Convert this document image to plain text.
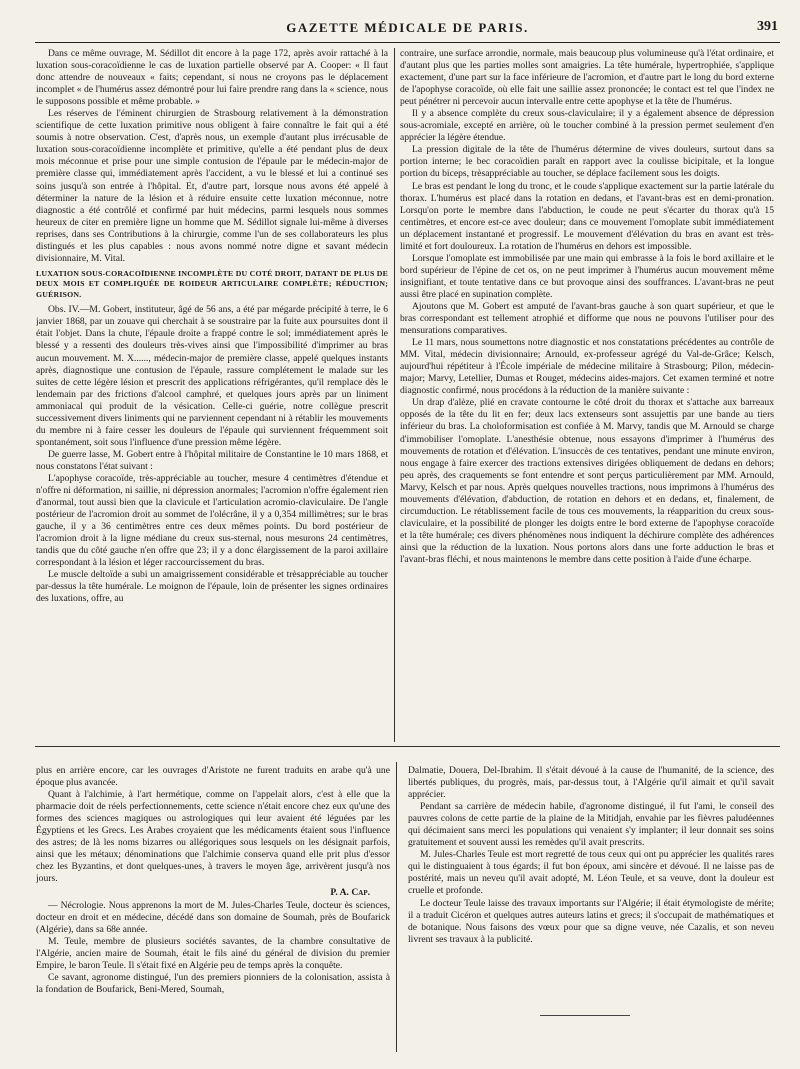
GAZETTE MÉDICALE DE PARIS.	391

Dans ce même ouvrage, M. Sédillot dit encore à la page 172, après avoir rattaché à la luxation sous-coracoïdienne le cas de luxation partielle observé par A. Cooper: « Il faut donc attendre de nouveaux « faits; cependant, si nous ne croyons pas le déplacement incomplet « de l'humérus assez démontré pour lui faire prendre rang dans la « science, nous le supposons possible et même probable. »

Les réserves de l'éminent chirurgien de Strasbourg relativement à la démonstration scientifique de cette luxation primitive nous obligent à faire connaître le fait qui a été soumis à notre observation. C'est, d'après nous, un exemple d'autant plus irrécusable de luxation sous-coracoïdienne incomplète et primitive, qu'elle a été pendant plus de deux mois méconnue et prise pour une simple contusion de l'épaule par le médecin-major de première classe qui, immédiatement après l'accident, a vu le blessé et lui a continué ses soins jusqu'à son entrée à l'hôpital. Et, d'autre part, lorsque nous avons été appelé à déterminer la nature de la lésion et à réduire ensuite cette luxation méconnue, notre diagnostic a été contrôlé et confirmé par huit médecins, parmi lesquels nous sommes heureux de citer en première ligne un homme que M. Sédillot signale lui-même à diverses reprises, dans ses Contributions à la chirurgie, comme l'un de ses collaborateurs les plus distingués et les plus capables : nous avons nommé notre digne et savant médecin divisionnaire, M. Vital.

LUXATION SOUS-CORACOÏDIENNE INCOMPLÈTE DU COTÉ DROIT, DATANT DE PLUS DE DEUX MOIS ET COMPLIQUÉE DE ROIDEUR ARTICULAIRE COMPLÈTE; RÉDUCTION; GUÉRISON.

Obs. IV.—M. Gobert, instituteur, âgé de 56 ans, a été par mégarde précipité à terre, le 6 janvier 1868, par un zouave qui cherchait à se soustraire par la fuite aux poursuites dont il était l'objet. Dans la chute, l'épaule droite a frappé contre le sol; immédiatement après le blessé y a ressenti des douleurs très-vives ainsi que l'impossibilité d'imprimer au bras aucun mouvement. M. X......, médecin-major de première classe, appelé quelques instants après, diagnostique une contusion de l'épaule, rassure complétement le malade sur les suites de cette légère lésion et prescrit des applications réfrigérantes, qu'il remplace dès le lendemain par des frictions d'alcool camphré, et quelques jours après par un liniment ammoniacal qui produit de la vésication. Celle-ci guérie, notre collègue prescrit successivement divers liniments qui ne parviennent cependant ni à rétablir les mouvements du membre ni à faire cesser les douleurs de l'épaule qui surviennent fréquemment soit spontanément, soit sous l'influence d'une pression même légère.

De guerre lasse, M. Gobert entre à l'hôpital militaire de Constantine le 10 mars 1868, et nous constatons l'état suivant :

L'apophyse coracoïde, très-appréciable au toucher, mesure 4 centimètres d'étendue et n'offre ni déformation, ni saillie, ni dépression anormales; l'acromion n'offre également rien d'anormal, tout aussi bien que la clavicule et l'articulation acromio-claviculaire. De l'angle postérieur de l'acromion droit au sommet de l'olécrâne, il y a 0,354 millimètres; sur le bras gauche, il y a 36 centimètres entre ces deux mêmes points. Du bord postérieur de l'acromion droit à la ligne médiane du creux sus-sternal, nous mesurons 24 centimètres, tandis que du côté gauche n'en offre que 23; il y a donc élargissement de la paroi axillaire correspondant à la lésion et léger raccourcissement du bras.

Le muscle deltoïde a subi un amaigrissement considérable et trèsappréciable au toucher par-dessus la tête humérale. Le moignon de l'épaule, loin de présenter les signes ordinaires des luxations, offre, au

contraire, une surface arrondie, normale, mais beaucoup plus volumineuse qu'à l'état ordinaire, et d'autant plus que les parties molles sont amaigries. La tête humérale, hypertrophiée, s'applique exactement, d'une part sur la face inférieure de l'acromion, et d'autre part le long du bord externe de l'apophyse coracoïde, où elle fait une saillie assez prononcée; le contact est tel que l'index ne peut pénétrer ni percevoir aucun intervalle entre cette apophyse et la tête de l'humérus.

Il y a absence complète du creux sous-claviculaire; il y a également absence de dépression sous-acromiale, excepté en arrière, où le toucher combiné à la pression permet seulement d'en apprécier la légère étendue.

La pression digitale de la tête de l'humérus détermine de vives douleurs, surtout dans sa portion interne; le bec coracoïdien paraît en rapport avec la coulisse bicipitale, et la longue portion du biceps, trèsappréciable au toucher, se déplace facilement sous les doigts.

Le bras est pendant le long du tronc, et le coude s'applique exactement sur la partie latérale du thorax. L'humérus est placé dans la rotation en dedans, et l'avant-bras est en demi-pronation. Lorsqu'on porte le membre dans l'abduction, le coude ne peut s'écarter du thorax qu'à 15 centimètres, et encore est-ce avec douleur; dans ce mouvement l'omoplate subit immédiatement un déplacement instantané et progressif. Le mouvement d'élévation du bras en avant est très-limité et fort douloureux. La rotation de l'humérus en dehors est impossible.

Lorsque l'omoplate est immobilisée par une main qui embrasse à la fois le bord axillaire et le bord supérieur de l'épine de cet os, on ne peut imprimer à l'humérus aucun mouvement même insignifiant, et toute tentative dans ce but provoque ainsi des souffrances. L'avant-bras ne peut aussi être placé en supination complète.

Ajoutons que M. Gobert est amputé de l'avant-bras gauche à son quart supérieur, et que le bras correspondant est tellement atrophié et difforme que nous ne pouvons l'utiliser pour des mensurations comparatives.

Le 11 mars, nous soumettons notre diagnostic et nos constatations précédentes au contrôle de MM. Vital, médecin divisionnaire; Arnould, ex-professeur agrégé du Val-de-Grâce; Kelsch, aujourd'hui répétiteur à l'École impériale de médecine militaire à Strasbourg; Pilon, médecin-major; Marvy, Letellier, Dumas et Rouget, médecins aides-majors. Cet examen terminé et notre diagnostic confirmé, nous procédons à la réduction de la manière suivante :

Un drap d'alèze, plié en cravate contourne le côté droit du thorax et s'attache aux barreaux opposés de la tête du lit en fer; deux lacs extenseurs sont assujettis par une bande au tiers inférieur du bras. La choloformisation est confiée à M. Marvy, tandis que M. Arnould se charge d'immobiliser l'omoplate. L'anesthésie obtenue, nous essayons d'imprimer à l'humérus des mouvements de rotation et d'élévation. L'insuccès de ces tentatives, pendant une minute environ, nous engage à faire exercer des tractions extensives dirigées obliquement de dedans en dehors; peu après, des craquements se font entendre et sont perçus particulièrement par MM. Arnould, Marvy, Kelsch et par nous. Après quelques nouvelles tractions, nous imprimons à l'humérus des mouvements d'élévation, d'abduction, de rotation en dehors et en dedans, et, finalement, de circumduction. Le rétablissement facile de tous ces mouvements, la réapparition du creux sous-claviculaire, et la possibilité de plonger les doigts entre le bord externe de l'apophyse coracoïde et la tête humérale; ces divers phénomènes nous indiquent la déchirure complète des adhérences ainsi que la réduction de la luxation. Nous portons alors dans une forte adduction le bras et l'avant-bras fléchi, et nous maintenons le membre dans cette position à l'aide d'une écharpe.

plus en arrière encore, car les ouvrages d'Aristote ne furent traduits en arabe qu'à une époque plus avancée.

Quant à l'alchimie, à l'art hermétique, comme on l'appelait alors, c'est à elle que la pharmacie doit de réels perfectionnements, cette science n'était encore chez eux qu'une des formes des sciences magiques ou astrologiques qui leur avaient été léguées par les Égyptiens et les Grecs. Les Arabes croyaient que les médicaments étaient sous l'influence des astres; de là les noms bizarres ou allégoriques sous lesquels on les désignait parfois, ainsi que les métaux; dénominations que l'alchimie conserva quand elle prit plus d'essor chez les Byzantins, et dont quelques-unes, à travers le moyen âge, arrivèrent jusqu'à nos jours.

P. A. Cap.

— Nécrologie. Nous apprenons la mort de M. Jules-Charles Teule, docteur ès sciences, docteur en droit et en médecine, décédé dans son domaine de Soumah, près de Boufarick (Algérie), dans sa 68e année.

M. Teule, membre de plusieurs sociétés savantes, de la chambre consultative de l'Algérie, ancien maire de Soumah, était le fils ainé du général de division du premier Empire, le baron Teule. Il s'était fixé en Algérie peu de temps après la conquête.

Ce savant, agronome distingué, l'un des premiers pionniers de la colonisation, assista à la fondation de Boufarick, Beni-Mered, Soumah,

Dalmatie, Douera, Del-Ibrahim. Il s'était dévoué à la cause de l'humanité, de la science, des libertés publiques, du progrès, mais, par-dessus tout, à l'Algérie qu'il aimait et qu'il savait apprécier.

Pendant sa carrière de médecin habile, d'agronome distingué, il fut l'ami, le conseil des pauvres colons de cette partie de la plaine de la Mitidjah, envahie par les fièvres paludéennes qui décimaient sans merci les populations qui venaient s'y implanter; il leur donnait ses soins gratuitement et souvent aussi les remèdes qu'il avait prescrits.

M. Jules-Charles Teule est mort regretté de tous ceux qui ont pu apprécier les qualités rares qui le distinguaient à tous égards; il fut bon époux, ami sincère et dévoué. Il ne laisse pas de postérité, mais un neveu qu'il avait adopté, M. Léon Teule, et sa veuve, dont la douleur est cruelle et profonde.

Le docteur Teule laisse des travaux importants sur l'Algérie; il était étymologiste de mérite; il a traduit Cicéron et quelques autres auteurs latins et grecs; il s'occupait de mathématiques et de botanique. Nous faisons des vœux pour que sa digne veuve, née Cazalis, et son neveu livrent ses travaux à la publicité.
